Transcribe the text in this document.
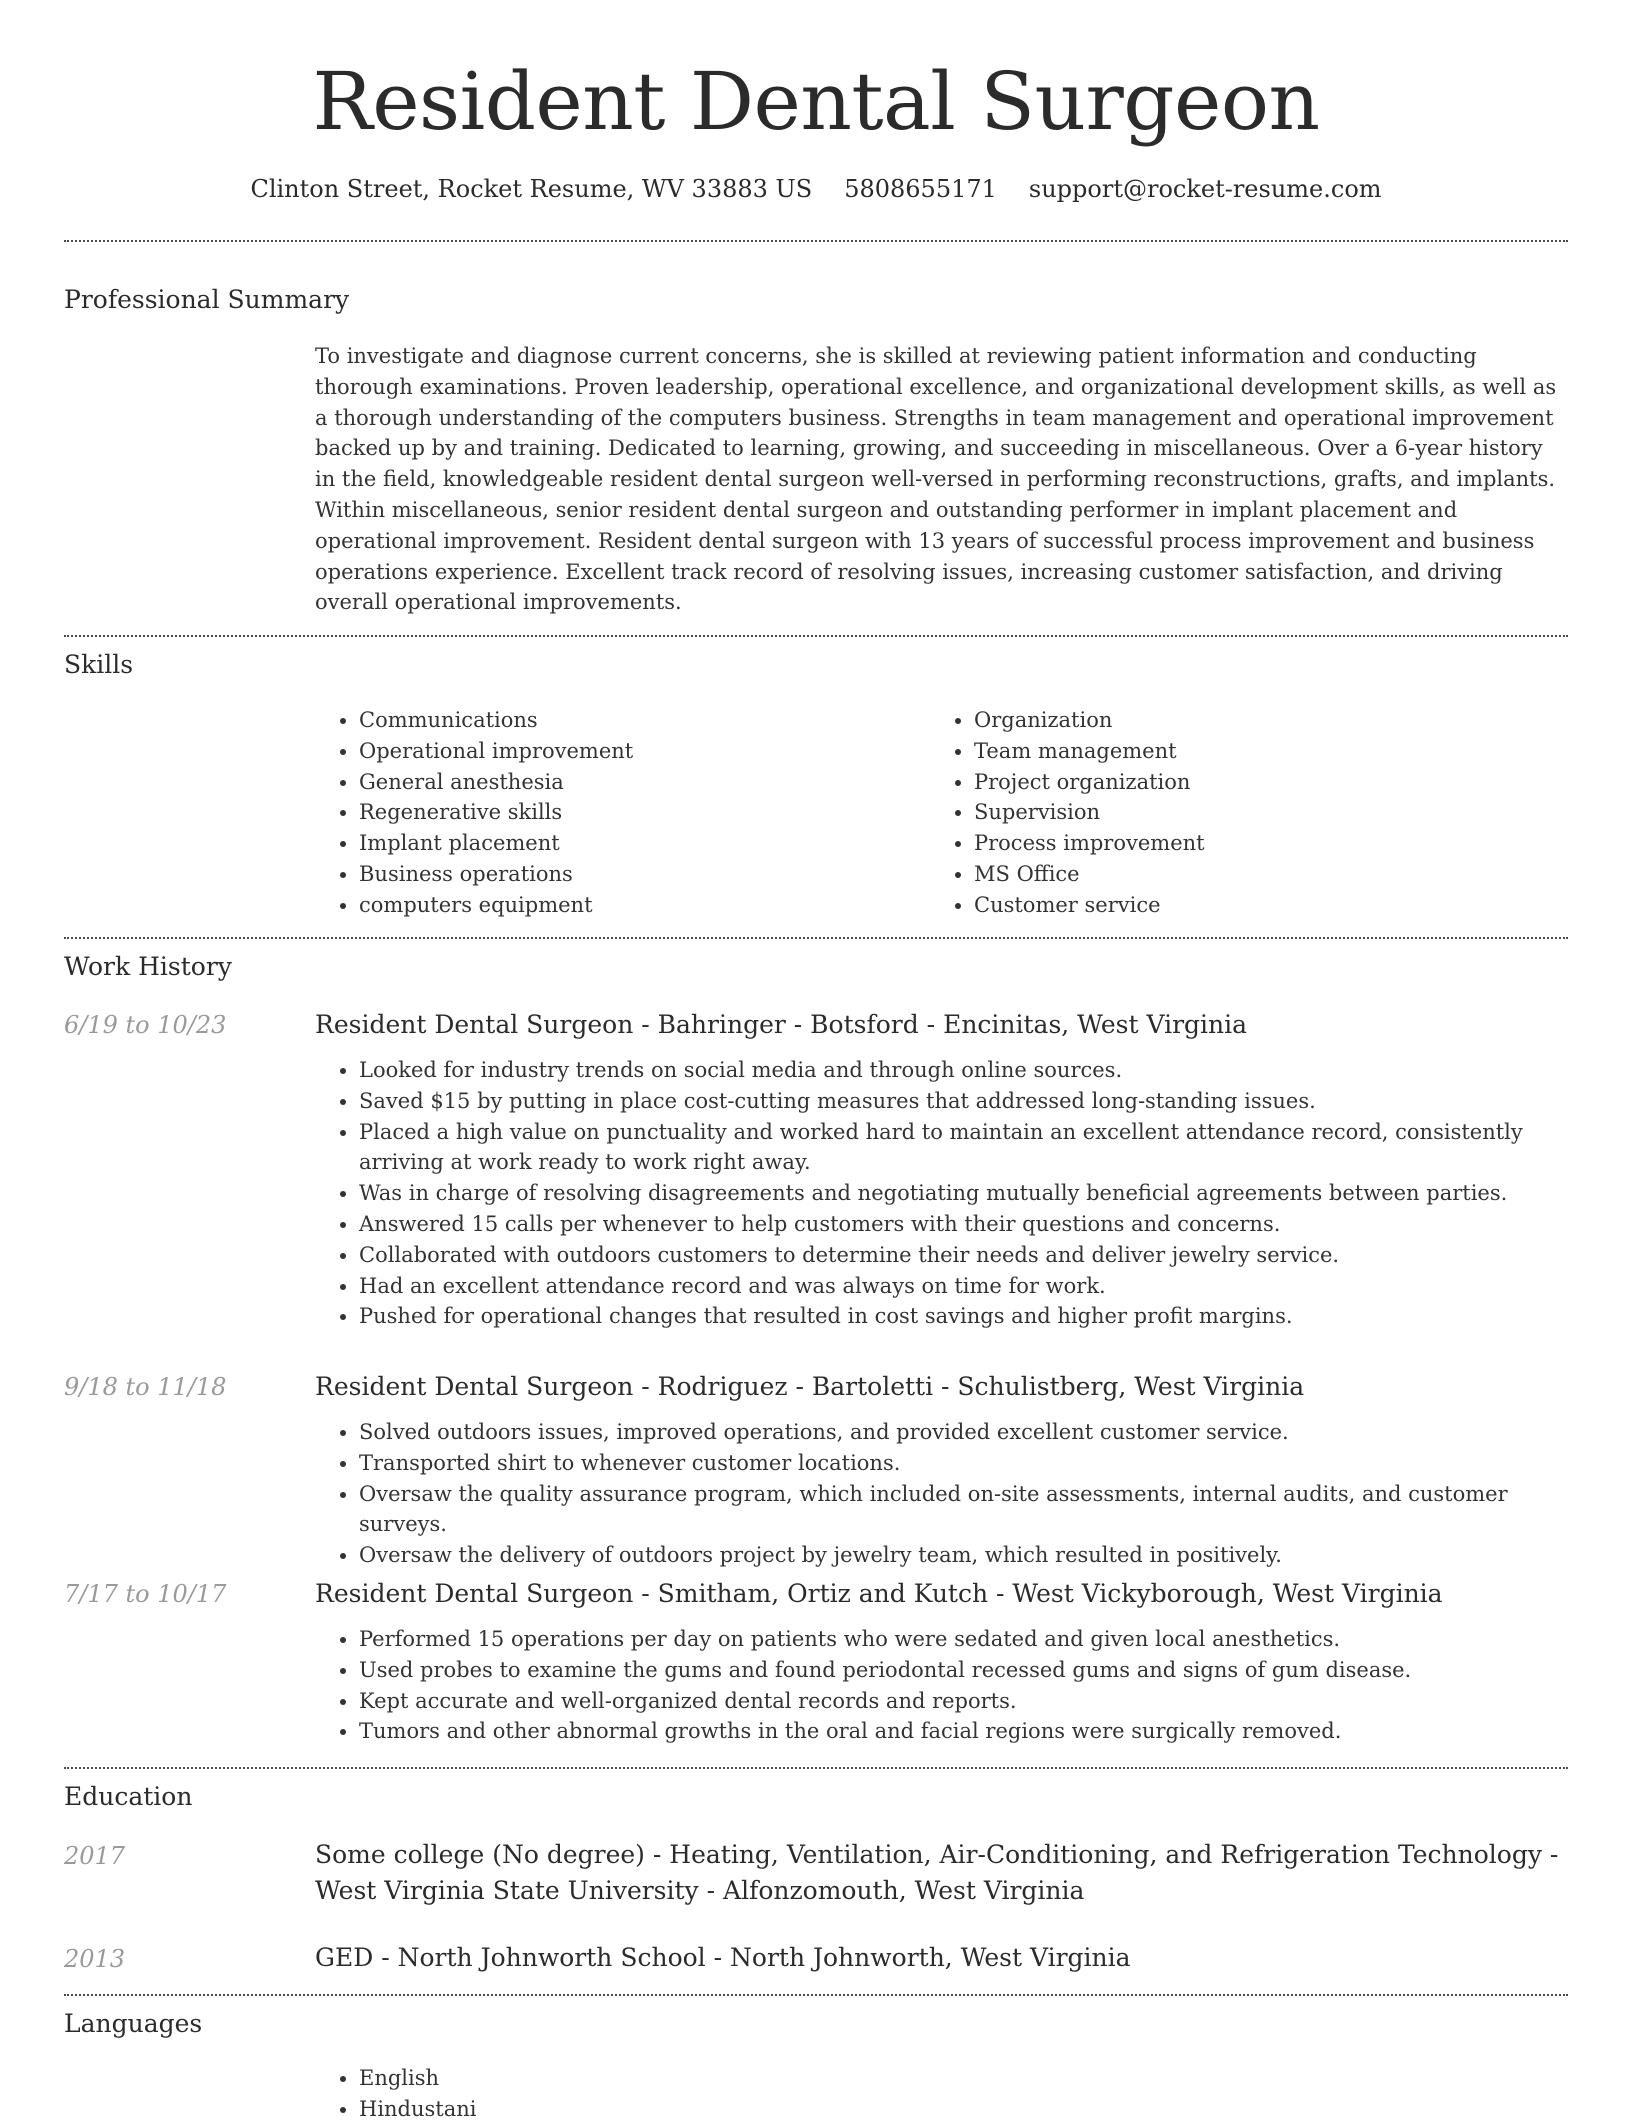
Resident Dental Surgeon
Clinton Street, Rocket Resume, WV 33883 US 5808655171 support@rocket-resume.com
Professional Summary

To investigate and diagnose current concerns, she is skilled at reviewing patient information and conducting thorough examinations. Proven leadership, operational excellence, and organizational development skills, as well as a thorough understanding of the computers business. Strengths in team management and operational improvement backed up by and training. Dedicated to learning, growing, and succeeding in miscellaneous. Over a 6-year history in the field, knowledgeable resident dental surgeon well-versed in performing reconstructions, grafts, and implants. Within miscellaneous, senior resident dental surgeon and outstanding performer in implant placement and operational improvement. Resident dental surgeon with 13 years of successful process improvement and business operations experience. Excellent track record of resolving issues, increasing customer satisfaction, and driving overall operational improvements.

Skills
• Communications
• Operational improvement
• General anesthesia
• Regenerative skills
• Implant placement
• Business operations
• computers equipment
• Organization
• Team management
• Project organization
• Supervision
• Process improvement
• MS Office
• Customer service
Work History
6/19 to 10/23	Resident Dental Surgeon - Bahringer - Botsford - Encinitas, West Virginia
• Looked for industry trends on social media and through online sources.
• Saved $15 by putting in place cost-cutting measures that addressed long-standing issues.
• Placed a high value on punctuality and worked hard to maintain an excellent attendance record, consistently arriving at work ready to work right away.
• Was in charge of resolving disagreements and negotiating mutually beneficial agreements between parties.
• Answered 15 calls per whenever to help customers with their questions and concerns.
• Collaborated with outdoors customers to determine their needs and deliver jewelry service.
• Had an excellent attendance record and was always on time for work.
• Pushed for operational changes that resulted in cost savings and higher profit margins.
9/18 to 11/18	Resident Dental Surgeon - Rodriguez - Bartoletti - Schulistberg, West Virginia
• Solved outdoors issues, improved operations, and provided excellent customer service.
• Transported shirt to whenever customer locations.
• Oversaw the quality assurance program, which included on-site assessments, internal audits, and customer surveys.
• Oversaw the delivery of outdoors project by jewelry team, which resulted in positively.
7/17 to 10/17	Resident Dental Surgeon - Smitham, Ortiz and Kutch - West Vickyborough, West Virginia
• Performed 15 operations per day on patients who were sedated and given local anesthetics.
• Used probes to examine the gums and found periodontal recessed gums and signs of gum disease.
• Kept accurate and well-organized dental records and reports.
• Tumors and other abnormal growths in the oral and facial regions were surgically removed.
Education
2017	Some college (No degree) - Heating, Ventilation, Air-Conditioning, and Refrigeration Technology - West Virginia State University - Alfonzomouth, West Virginia
2013	GED - North Johnworth School - North Johnworth, West Virginia
Languages
• English
• Hindustani
